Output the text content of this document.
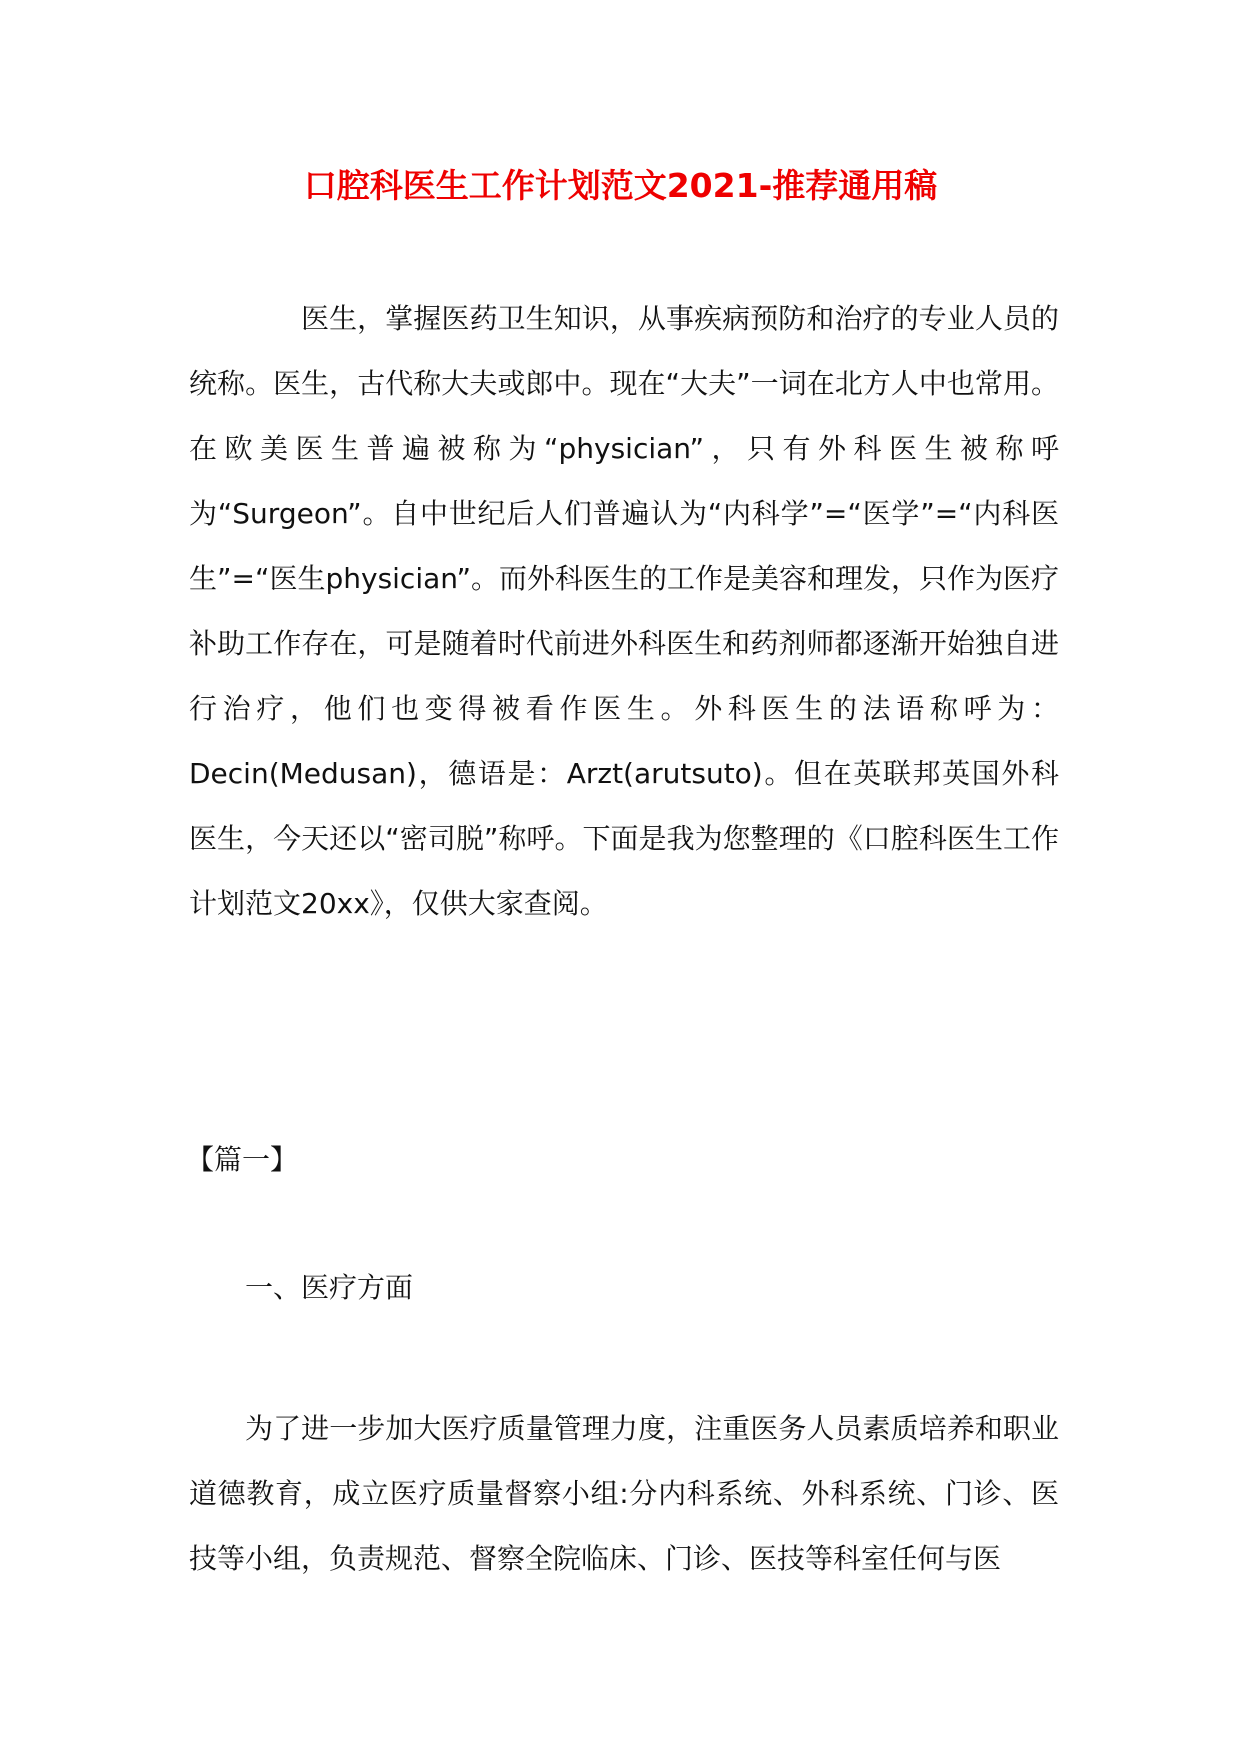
口腔科医生工作计划范文2021-推荐通用稿

医生，掌握医药卫生知识，从事疾病预防和治疗的专业人员的统称。医生，古代称大夫或郎中。现在“大夫”一词在北方人中也常用。在欧美医生普遍被称为“physician”，只有外科医生被称呼为“Surgeon”。自中世纪后人们普遍认为“内科学”=“医学”=“内科医生”=“医生physician”。而外科医生的工作是美容和理发，只作为医疗补助工作存在，可是随着时代前进外科医生和药剂师都逐渐开始独自进行治疗，他们也变得被看作医生。外科医生的法语称呼为：Decin(Medusan)，德语是：Arzt(arutsuto)。但在英联邦英国外科医生，今天还以“密司脱”称呼。下面是我为您整理的《口腔科医生工作计划范文20xx》，仅供大家查阅。

【篇一】

一、医疗方面

为了进一步加大医疗质量管理力度，注重医务人员素质培养和职业道德教育，成立医疗质量督察小组:分内科系统、外科系统、门诊、医技等小组，负责规范、督察全院临床、门诊、医技等科室任何与医
